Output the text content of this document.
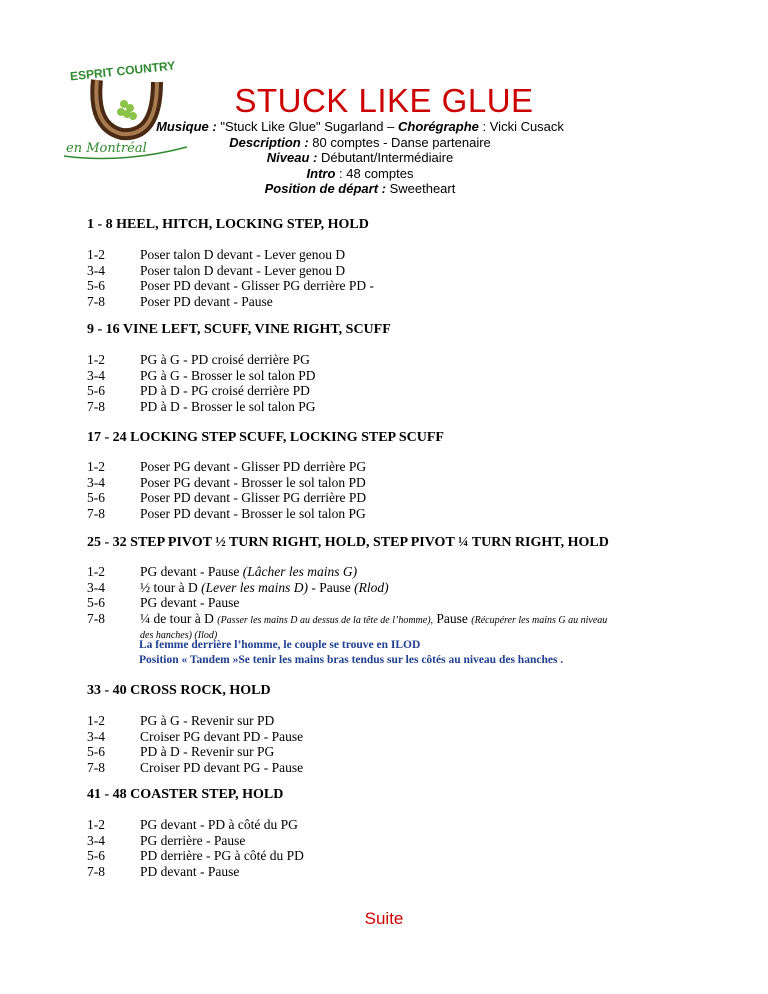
ESPRIT COUNTRY
en Montréal
STUCK LIKE GLUE
Musique : "Stuck Like Glue" Sugarland – Chorégraphe : Vicki Cusack
Description : 80 comptes - Danse partenaire
Niveau : Débutant/Intermédiaire
Intro : 48 comptes
Position de départ : Sweetheart
1 - 8 HEEL, HITCH, LOCKING STEP, HOLD
1-2	Poser talon D devant - Lever genou D
3-4	Poser talon D devant - Lever genou D
5-6	Poser PD devant - Glisser PG derrière PD -
7-8	Poser PD devant - Pause
9 - 16 VINE LEFT, SCUFF, VINE RIGHT, SCUFF
1-2	PG à G - PD croisé derrière PG
3-4	PG à G - Brosser le sol talon PD
5-6	PD à D - PG croisé derrière PD
7-8	PD à D - Brosser le sol talon PG
17 - 24 LOCKING STEP SCUFF, LOCKING STEP SCUFF
1-2	Poser PG devant - Glisser PD derrière PG
3-4	Poser PG devant - Brosser le sol talon PD
5-6	Poser PD devant - Glisser PG derrière PD
7-8	Poser PD devant - Brosser le sol talon PG
25 - 32 STEP PIVOT ½ TURN RIGHT, HOLD, STEP PIVOT ¼ TURN RIGHT, HOLD
1-2	PG devant - Pause (Lâcher les mains G)
3-4	½ tour à D (Lever les mains D) - Pause (Rlod)
5-6	PG devant - Pause
7-8	¼ de tour à D (Passer les mains D au dessus de la tête de l’homme), Pause (Récupérer les mains G au niveau
des hanches) (Ilod)
La femme derrière l’homme, le couple se trouve en ILOD
Position « Tandem »Se tenir les mains bras tendus sur les côtés au niveau des hanches .
33 - 40 CROSS ROCK, HOLD
1-2	PG à G - Revenir sur PD
3-4	Croiser PG devant PD - Pause
5-6	PD à D - Revenir sur PG
7-8	Croiser PD devant PG - Pause
41 - 48 COASTER STEP, HOLD
1-2	PG devant - PD à côté du PG
3-4	PG derrière - Pause
5-6	PD derrière - PG à côté du PD
7-8	PD devant - Pause
Suite
